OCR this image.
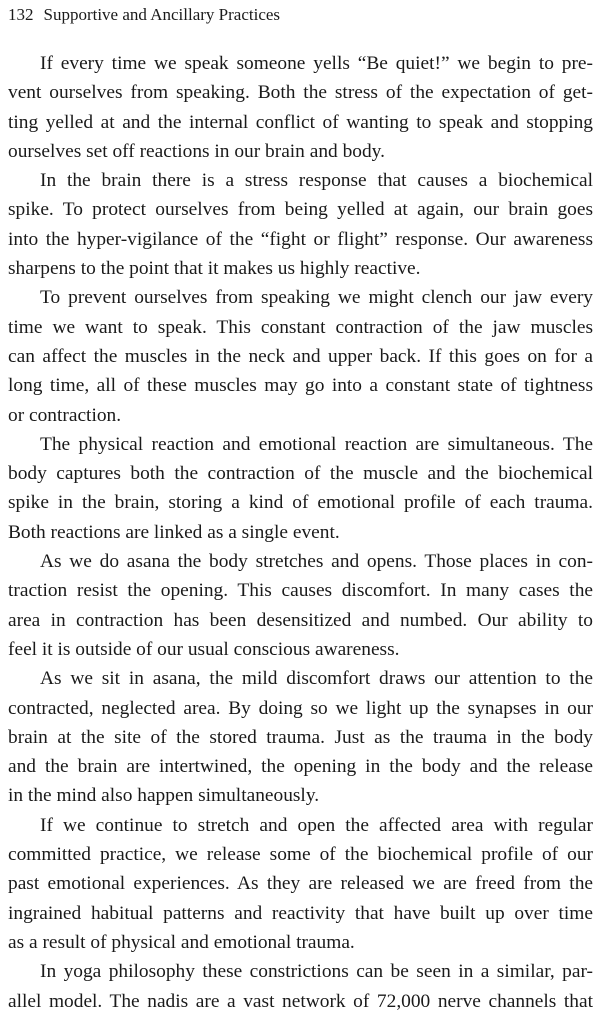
132 Supportive and Ancillary Practices
If every time we speak someone yells “Be quiet!” we begin to pre-
vent ourselves from speaking. Both the stress of the expectation of get-
ting yelled at and the internal conflict of wanting to speak and stopping
ourselves set off reactions in our brain and body.
In the brain there is a stress response that causes a biochemical
spike. To protect ourselves from being yelled at again, our brain goes
into the hyper-vigilance of the “fight or flight” response. Our awareness
sharpens to the point that it makes us highly reactive.
To prevent ourselves from speaking we might clench our jaw every
time we want to speak. This constant contraction of the jaw muscles
can affect the muscles in the neck and upper back. If this goes on for a
long time, all of these muscles may go into a constant state of tightness
or contraction.
The physical reaction and emotional reaction are simultaneous. The
body captures both the contraction of the muscle and the biochemical
spike in the brain, storing a kind of emotional profile of each trauma.
Both reactions are linked as a single event.
As we do asana the body stretches and opens. Those places in con-
traction resist the opening. This causes discomfort. In many cases the
area in contraction has been desensitized and numbed. Our ability to
feel it is outside of our usual conscious awareness.
As we sit in asana, the mild discomfort draws our attention to the
contracted, neglected area. By doing so we light up the synapses in our
brain at the site of the stored trauma. Just as the trauma in the body
and the brain are intertwined, the opening in the body and the release
in the mind also happen simultaneously.
If we continue to stretch and open the affected area with regular
committed practice, we release some of the biochemical profile of our
past emotional experiences. As they are released we are freed from the
ingrained habitual patterns and reactivity that have built up over time
as a result of physical and emotional trauma.
In yoga philosophy these constrictions can be seen in a similar, par-
allel model. The nadis are a vast network of 72,000 nerve channels that
